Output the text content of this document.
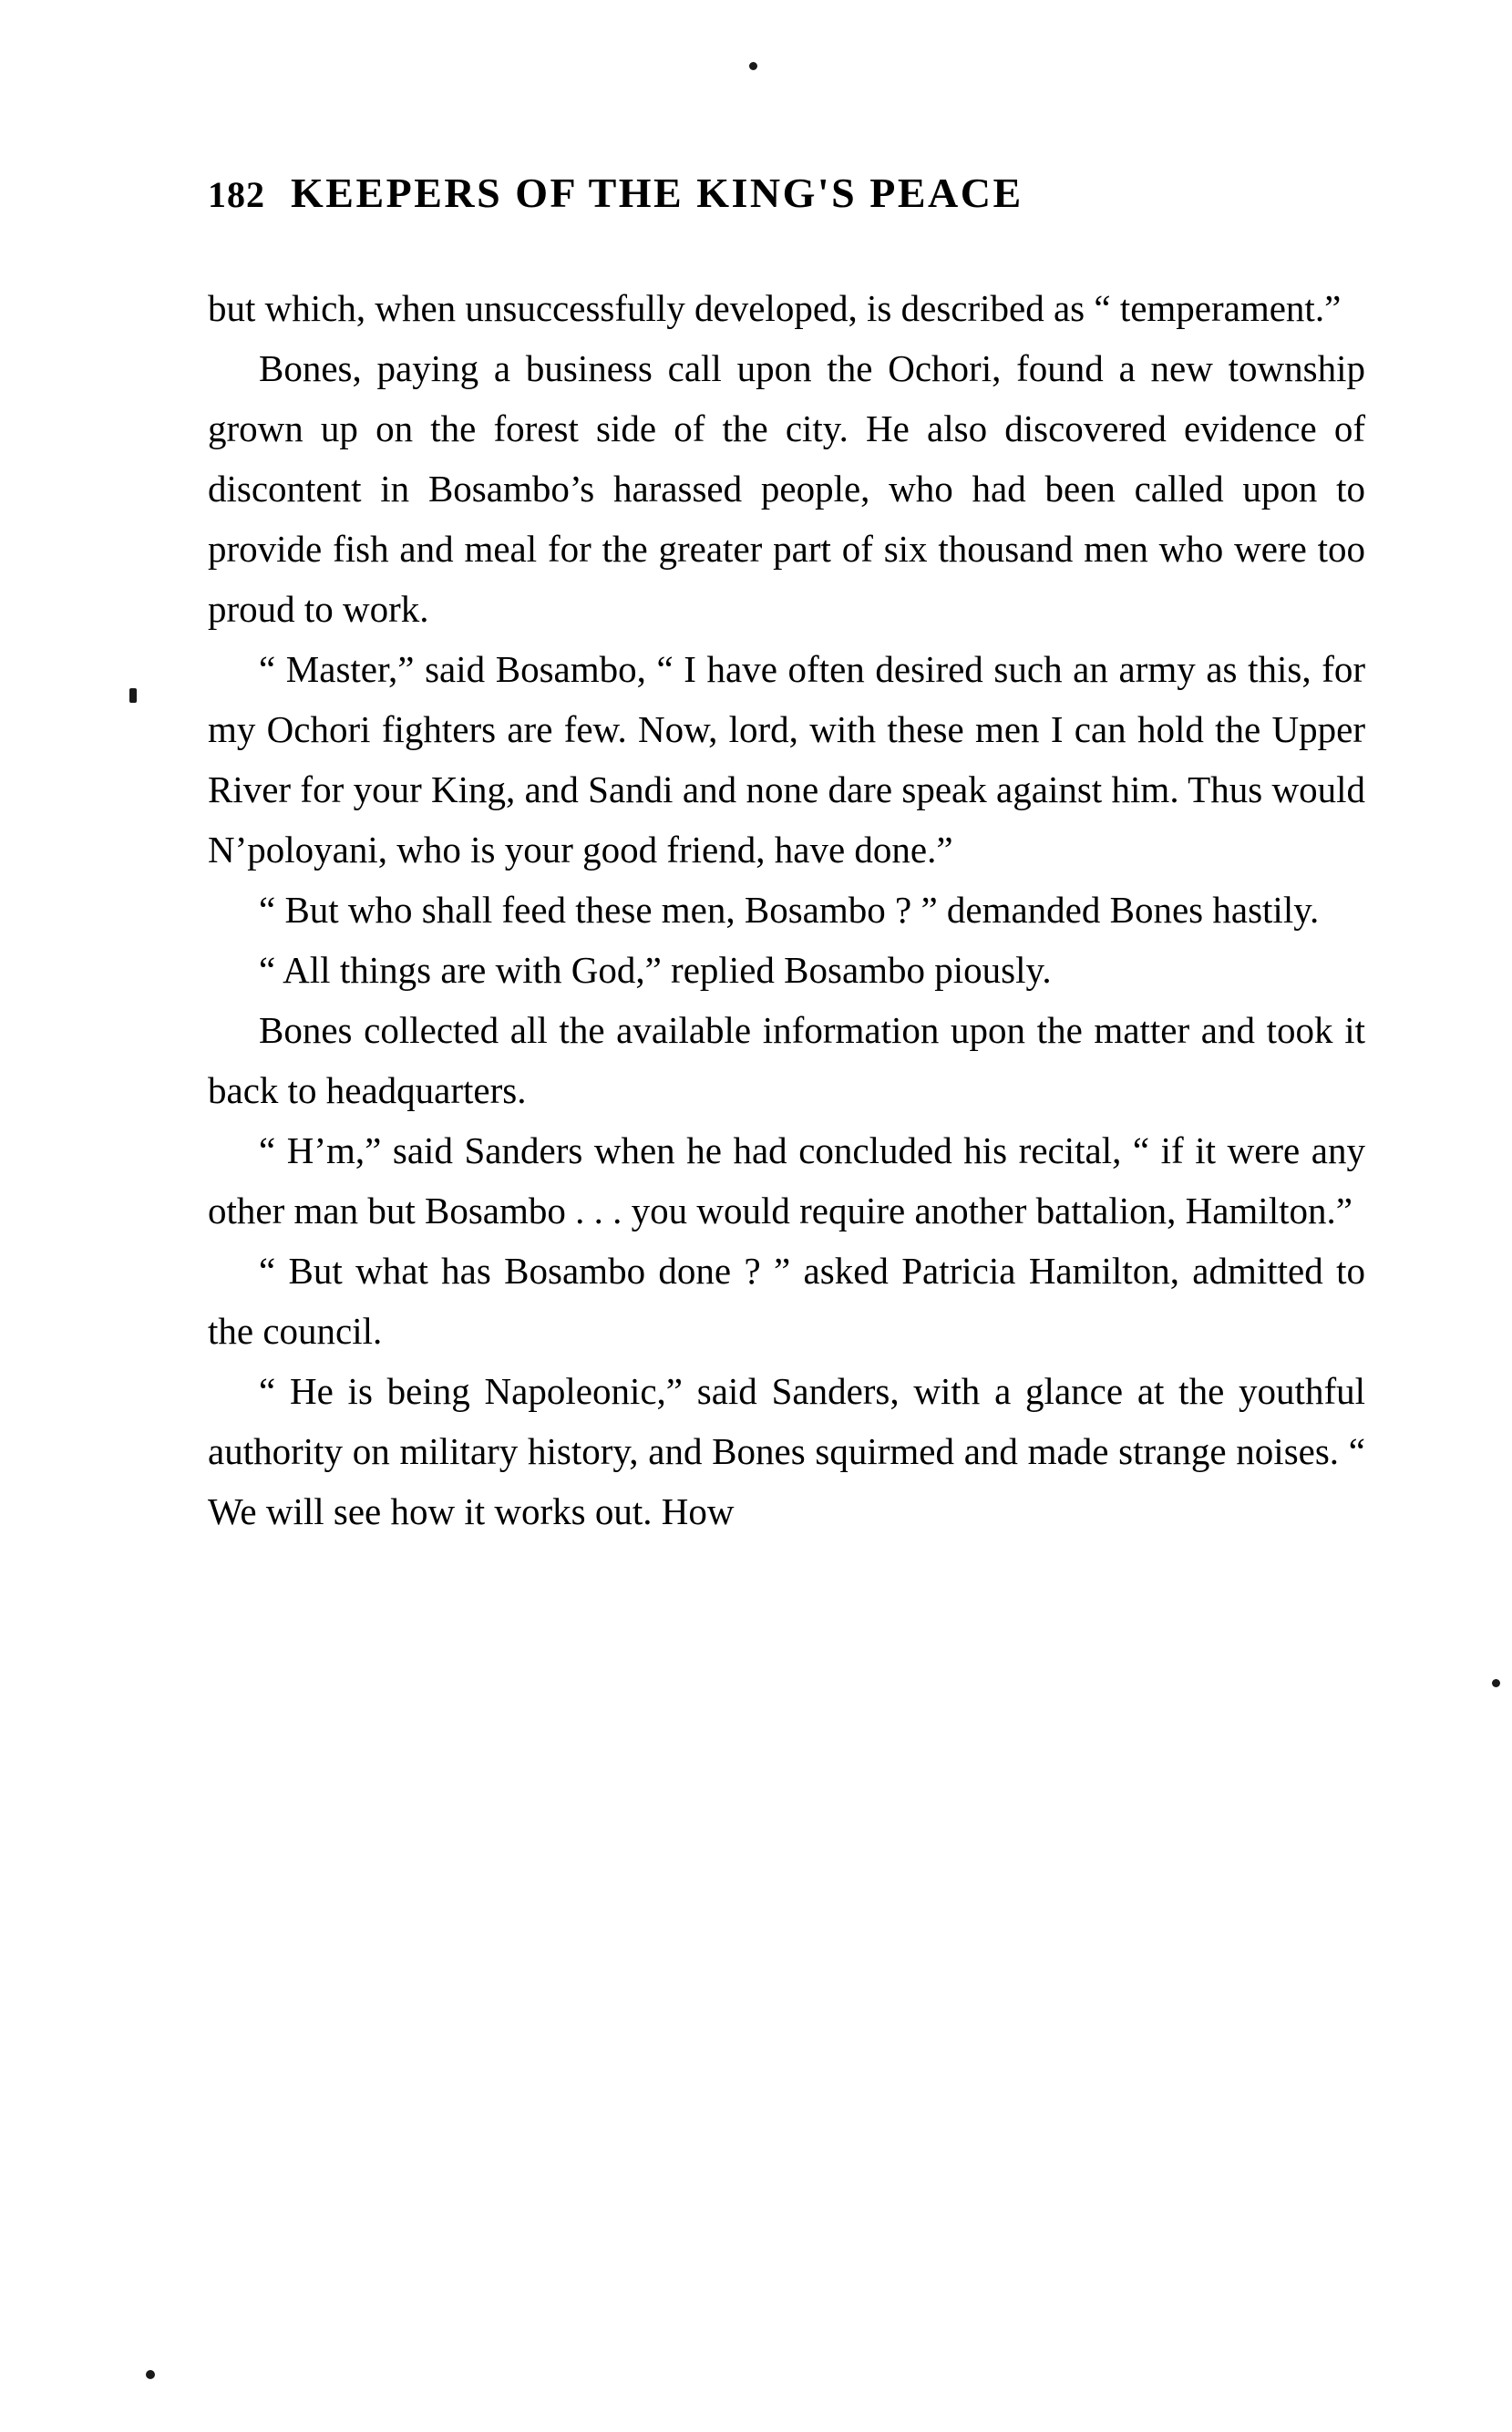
182 KEEPERS OF THE KING'S PEACE

but which, when unsuccessfully developed, is described as “ temperament.”

Bones, paying a business call upon the Ochori, found a new township grown up on the forest side of the city. He also discovered evidence of discontent in Bosambo’s harassed people, who had been called upon to provide fish and meal for the greater part of six thousand men who were too proud to work.

“ Master,” said Bosambo, “ I have often desired such an army as this, for my Ochori fighters are few. Now, lord, with these men I can hold the Upper River for your King, and Sandi and none dare speak against him. Thus would N’poloyani, who is your good friend, have done.”

“ But who shall feed these men, Bosambo ? ” demanded Bones hastily.

“ All things are with God,” replied Bosambo piously.

Bones collected all the available information upon the matter and took it back to headquarters.

“ H’m,” said Sanders when he had concluded his recital, “ if it were any other man but Bosambo . . . you would require another battalion, Hamilton.”

“ But what has Bosambo done ? ” asked Patricia Hamilton, admitted to the council.

“ He is being Napoleonic,” said Sanders, with a glance at the youthful authority on military history, and Bones squirmed and made strange noises. “ We will see how it works out. How
